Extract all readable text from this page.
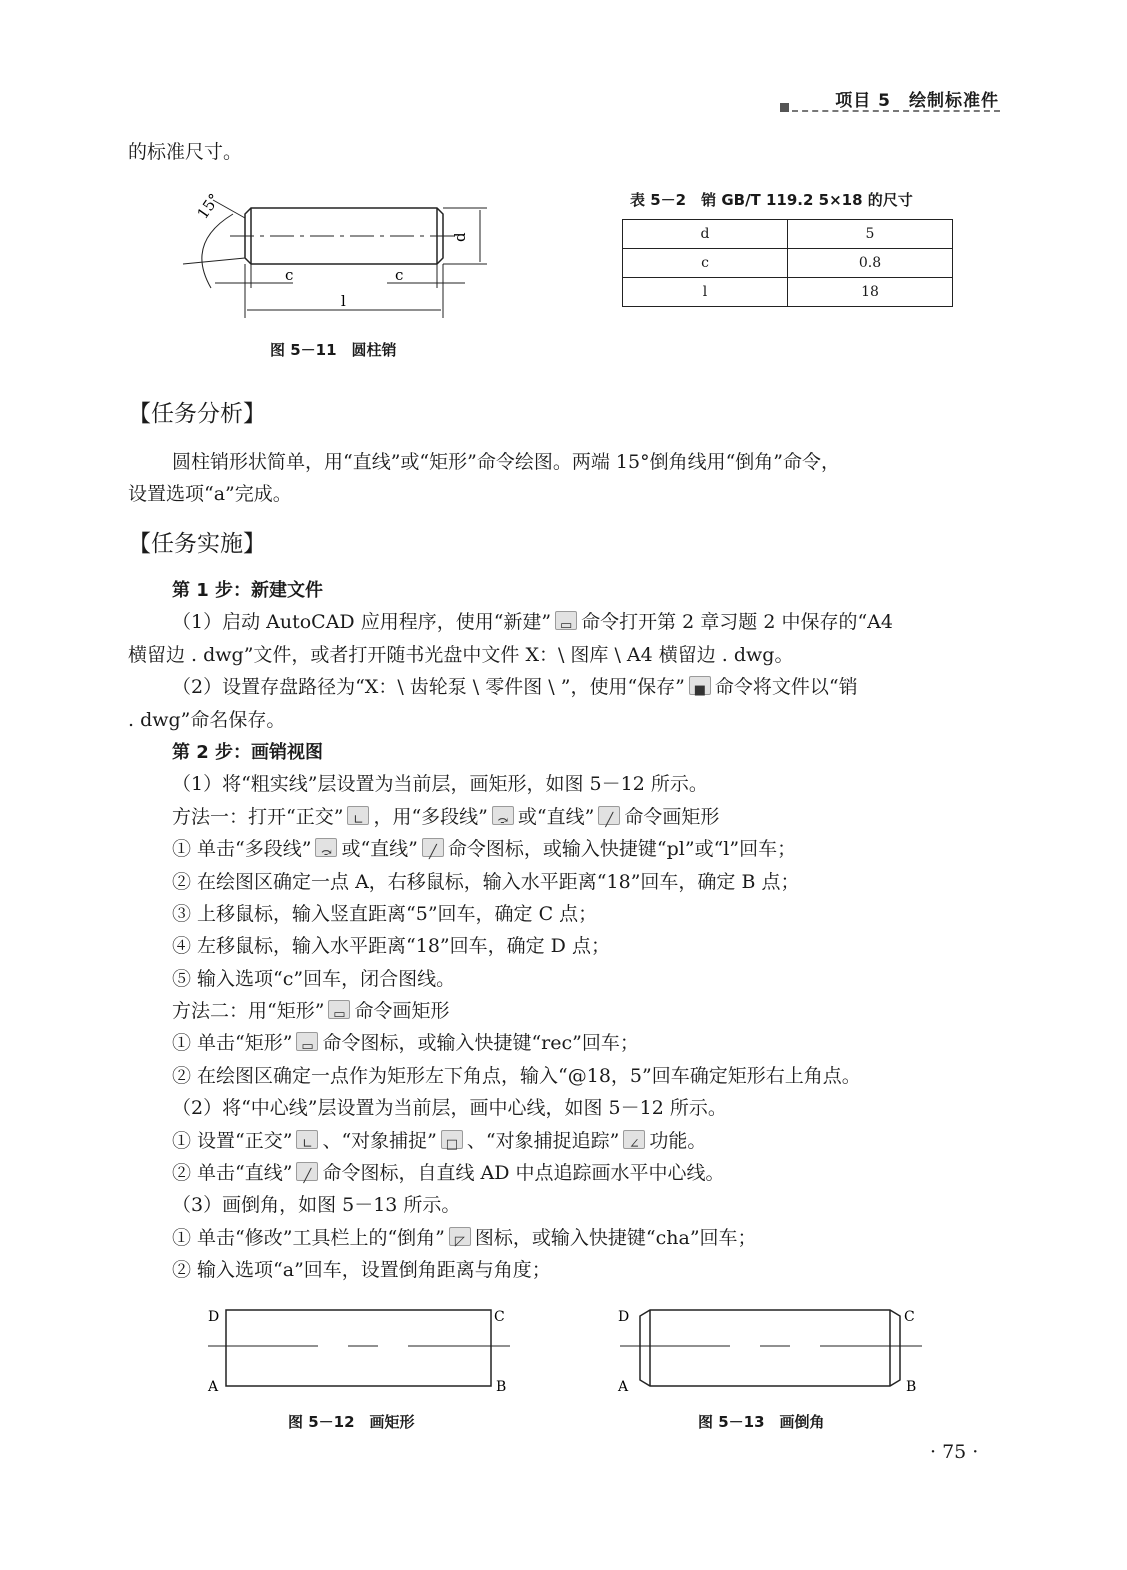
项目 5　绘制标准件
的标准尺寸。
15°
d
c	c
l
图 5－11　圆柱销
表 5－2　销 GB/T 119.2 5×18 的尺寸
d	5
c	0.8
l	18
【任务分析】
圆柱销形状简单，用“直线”或“矩形”命令绘图。两端 15°倒角线用“倒角”命令，
设置选项“a”完成。
【任务实施】
第 1 步：新建文件
（1）启动 AutoCAD 应用程序，使用“新建” ▭ 命令打开第 2 章习题 2 中保存的“A4
横留边 . dwg”文件，或者打开随书光盘中文件 X：\ 图库 \ A4 横留边 . dwg。
（2）设置存盘路径为“X：\ 齿轮泵 \ 零件图 \ ”，使用“保存” ■ 命令将文件以“销
. dwg”命名保存。
第 2 步：画销视图
（1）将“粗实线”层设置为当前层，画矩形，如图 5－12 所示。
方法一：打开“正交” ∟ ，用“多段线” ⤼ 或“直线” ╱ 命令画矩形
① 单击“多段线” ⤼ 或“直线” ╱ 命令图标，或输入快捷键“pl”或“l”回车；
② 在绘图区确定一点 A，右移鼠标，输入水平距离“18”回车，确定 B 点；
③ 上移鼠标，输入竖直距离“5”回车，确定 C 点；
④ 左移鼠标，输入水平距离“18”回车，确定 D 点；
⑤ 输入选项“c”回车，闭合图线。
方法二：用“矩形” ▭ 命令画矩形
① 单击“矩形” ▭ 命令图标，或输入快捷键“rec”回车；
② 在绘图区确定一点作为矩形左下角点，输入“@18，5”回车确定矩形右上角点。
（2）将“中心线”层设置为当前层，画中心线，如图 5－12 所示。
① 设置“正交” ∟ 、“对象捕捉” □ 、“对象捕捉追踪” ∠ 功能。
② 单击“直线” ╱ 命令图标，自直线 AD 中点追踪画水平中心线。
（3）画倒角，如图 5－13 所示。
① 单击“修改”工具栏上的“倒角” ◸ 图标，或输入快捷键“cha”回车；
② 输入选项“a”回车，设置倒角距离与角度；
D	C
A	B
图 5－12　画矩形
D	C
A	B
图 5－13　画倒角
· 75 ·
